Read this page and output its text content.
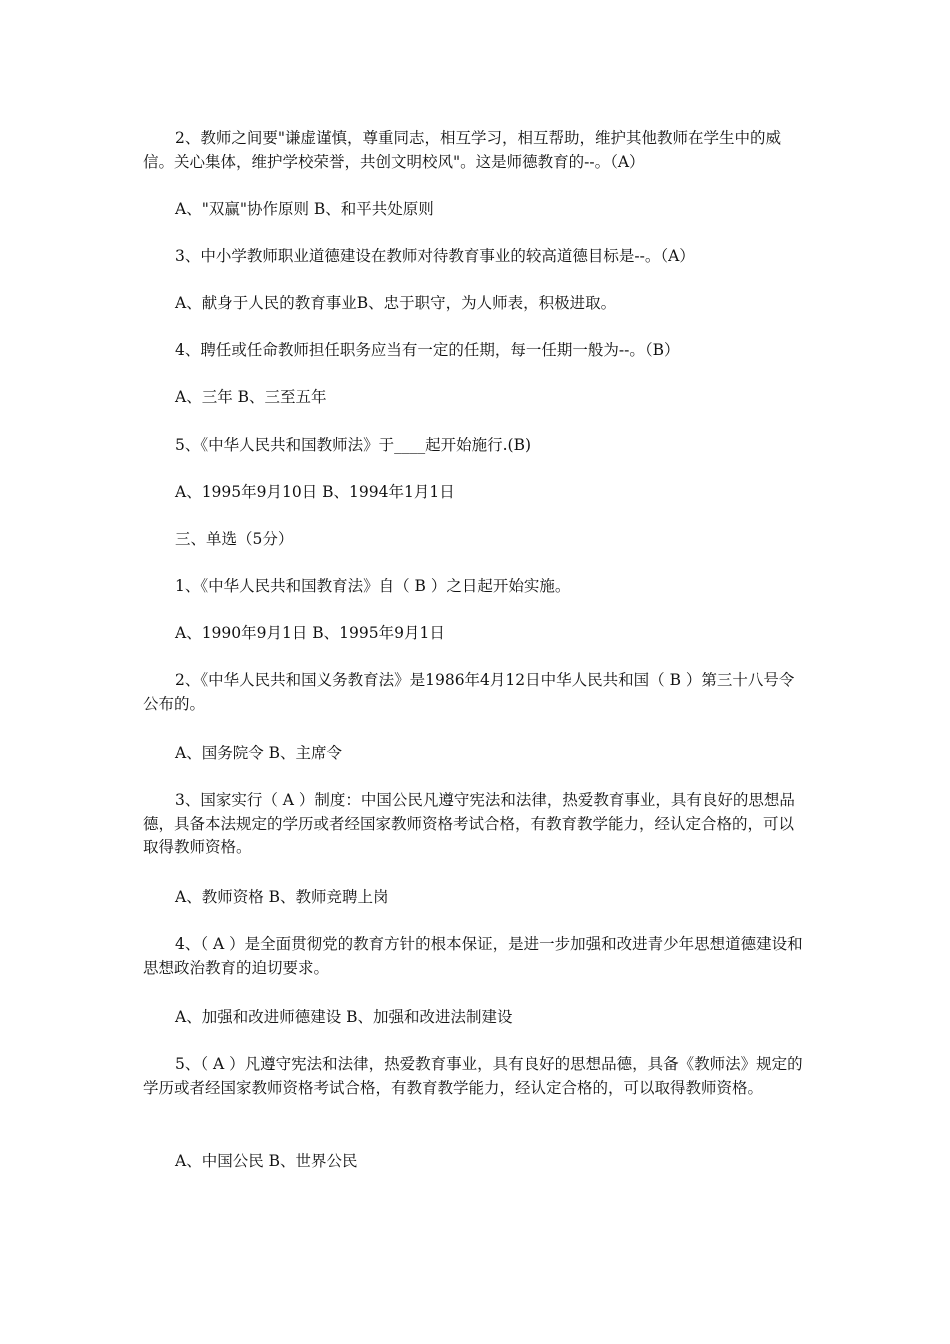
2、教师之间要"谦虚谨慎，尊重同志，相互学习，相互帮助，维护其他教师在学生中的威信。关心集体，维护学校荣誉，共创文明校风"。这是师德教育的--。（A）

A、"双赢"协作原则 B、和平共处原则

3、中小学教师职业道德建设在教师对待教育事业的较高道德目标是--。（A）

A、献身于人民的教育事业B、忠于职守，为人师表，积极进取。

4、聘任或任命教师担任职务应当有一定的任期，每一任期一般为--。（B）

A、三年 B、三至五年

5、《中华人民共和国教师法》于____起开始施行.(B)

A、1995年9月10日 B、1994年1月1日

三、单选（5分）

1、《中华人民共和国教育法》自（ B ）之日起开始实施。

A、1990年9月1日 B、1995年9月1日

2、《中华人民共和国义务教育法》是1986年4月12日中华人民共和国（ B ）第三十八号令公布的。

A、国务院令 B、主席令

3、国家实行（ A ）制度：中国公民凡遵守宪法和法律，热爱教育事业，具有良好的思想品德，具备本法规定的学历或者经国家教师资格考试合格，有教育教学能力，经认定合格的，可以取得教师资格。

A、教师资格 B、教师竞聘上岗

4、（ A ）是全面贯彻党的教育方针的根本保证，是进一步加强和改进青少年思想道德建设和思想政治教育的迫切要求。

A、加强和改进师德建设 B、加强和改进法制建设

5、（ A ）凡遵守宪法和法律，热爱教育事业，具有良好的思想品德，具备《教师法》规定的学历或者经国家教师资格考试合格，有教育教学能力，经认定合格的，可以取得教师资格。

A、中国公民 B、世界公民
